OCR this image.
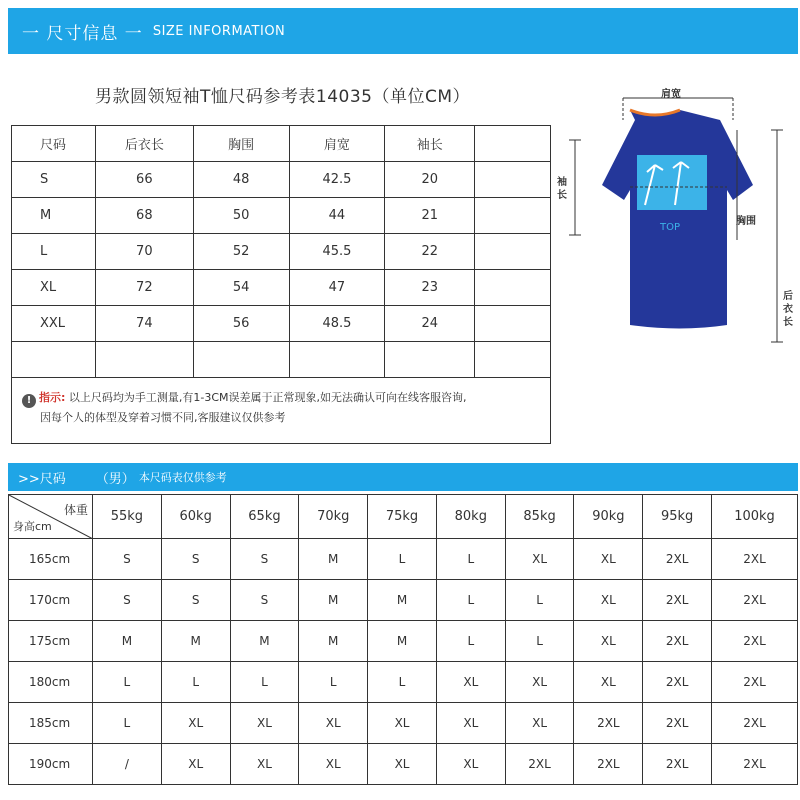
一 尺寸信息 一 SIZE INFORMATION
男款圆领短袖T恤尺码参考表14035（单位CM）
尺码	后衣长	胸围	肩宽	袖长	
S	66	48	42.5	20	
M	68	50	44	21	
L	70	52	45.5	22	
XL	72	54	47	23	
XXL	74	56	48.5	24	

! 指示: 以上尺码均为手工测量,有1-3CM误差属于正常现象,如无法确认可向在线客服咨询,
因每个人的体型及穿着习惯不同,客服建议仅供参考
TOP
肩宽
袖长
胸围
后衣长
>>尺码 （男） 本尺码表仅供参考
体重
身高cm	55kg	60kg	65kg	70kg	75kg	80kg	85kg	90kg	95kg	100kg
165cm	S	S	S	M	L	L	XL	XL	2XL	2XL
170cm	S	S	S	M	M	L	L	XL	2XL	2XL
175cm	M	M	M	M	M	L	L	XL	2XL	2XL
180cm	L	L	L	L	L	XL	XL	XL	2XL	2XL
185cm	L	XL	XL	XL	XL	XL	XL	2XL	2XL	2XL
190cm	/	XL	XL	XL	XL	XL	2XL	2XL	2XL	2XL
